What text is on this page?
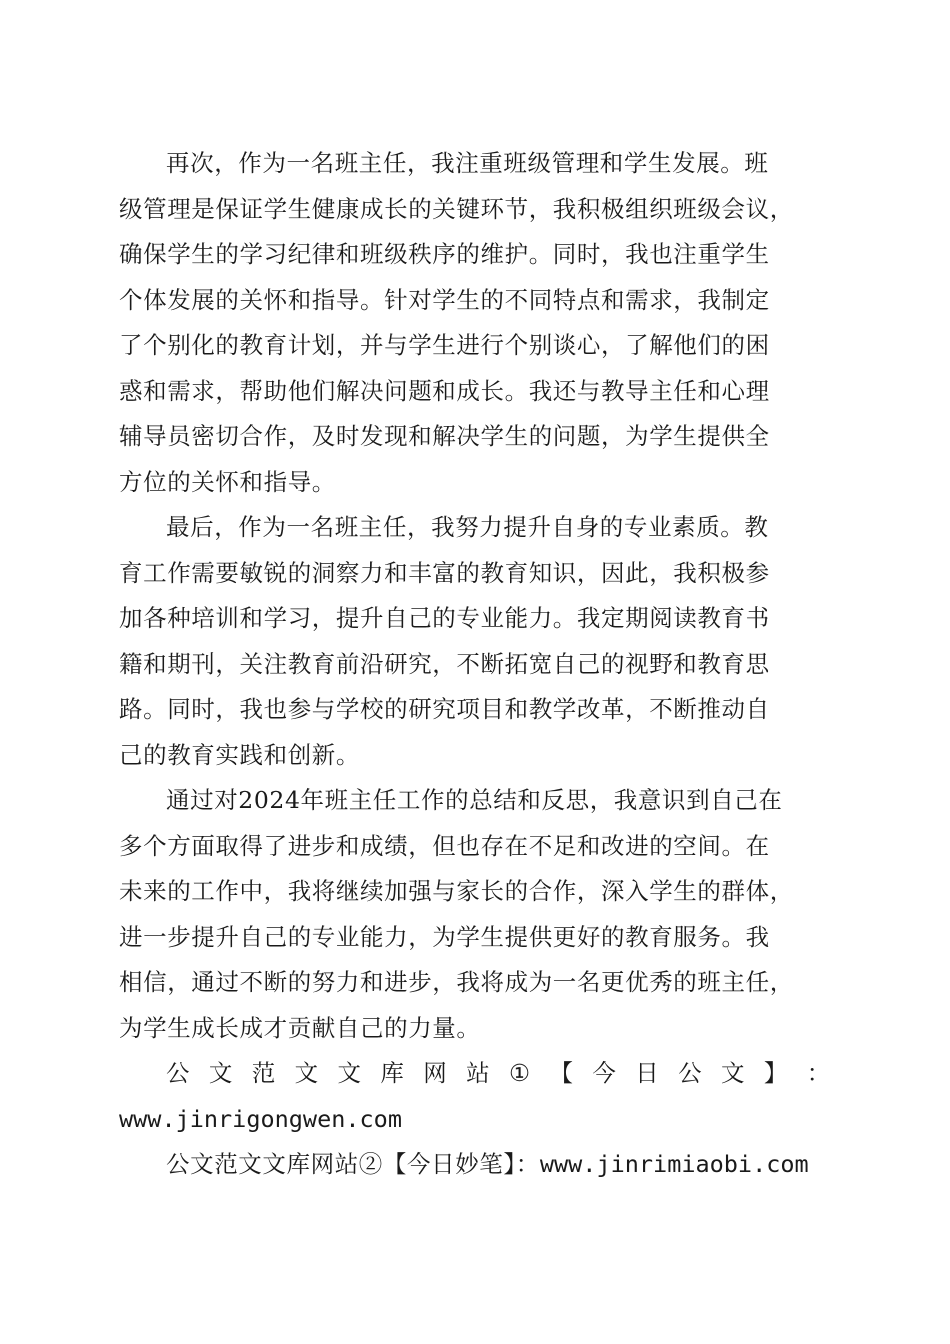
再次，作为一名班主任，我注重班级管理和学生发展。班
级管理是保证学生健康成长的关键环节，我积极组织班级会议，
确保学生的学习纪律和班级秩序的维护。同时，我也注重学生
个体发展的关怀和指导。针对学生的不同特点和需求，我制定
了个别化的教育计划，并与学生进行个别谈心，了解他们的困
惑和需求，帮助他们解决问题和成长。我还与教导主任和心理
辅导员密切合作，及时发现和解决学生的问题，为学生提供全
方位的关怀和指导。
最后，作为一名班主任，我努力提升自身的专业素质。教
育工作需要敏锐的洞察力和丰富的教育知识，因此，我积极参
加各种培训和学习，提升自己的专业能力。我定期阅读教育书
籍和期刊，关注教育前沿研究，不断拓宽自己的视野和教育思
路。同时，我也参与学校的研究项目和教学改革，不断推动自
己的教育实践和创新。
通过对2024年班主任工作的总结和反思，我意识到自己在
多个方面取得了进步和成绩，但也存在不足和改进的空间。在
未来的工作中，我将继续加强与家长的合作，深入学生的群体，
进一步提升自己的专业能力，为学生提供更好的教育服务。我
相信，通过不断的努力和进步，我将成为一名更优秀的班主任，
为学生成长成才贡献自己的力量。
公 文 范 文 文 库 网 站 ① 【 今 日 公 文 】 ：
www.jinrigongwen.com
公文范文文库网站②【今日妙笔】：www.jinrimiaobi.com
